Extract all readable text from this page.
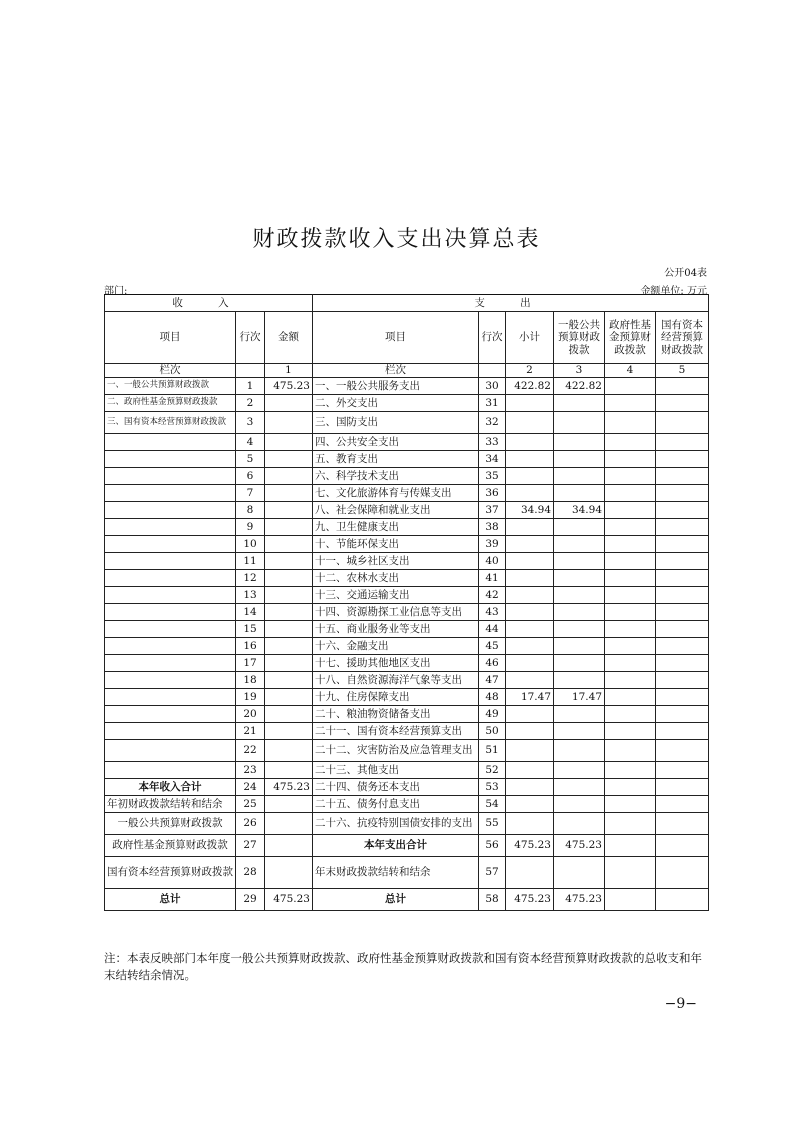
财政拨款收入支出决算总表
公开04表
部门:	金额单位: 万元
收 入			支 出					
项目	行次	金额	项目	行次	小计	一般公共预算财政拨款	政府性基金预算财政拨款	国有资本经营预算财政拨款
栏次		1	栏次		2	3	4	5
一、一般公共预算财政拨款	1	475.23	一、一般公共服务支出	30	422.82	422.82		
二、政府性基金预算财政拨款	2		二、外交支出	31				
三、国有资本经营预算财政拨款	3		三、国防支出	32				
	4		四、公共安全支出	33				
	5		五、教育支出	34				
	6		六、科学技术支出	35				
	7		七、文化旅游体育与传媒支出	36				
	8		八、社会保障和就业支出	37	34.94	34.94		
	9		九、卫生健康支出	38				
	10		十、节能环保支出	39				
	11		十一、城乡社区支出	40				
	12		十二、农林水支出	41				
	13		十三、交通运输支出	42				
	14		十四、资源勘探工业信息等支出	43				
	15		十五、商业服务业等支出	44				
	16		十六、金融支出	45				
	17		十七、援助其他地区支出	46				
	18		十八、自然资源海洋气象等支出	47				
	19		十九、住房保障支出	48	17.47	17.47		
	20		二十、粮油物资储备支出	49				
	21		二十一、国有资本经营预算支出	50				
	22		二十二、灾害防治及应急管理支出	51				
	23		二十三、其他支出	52				
本年收入合计	24	475.23	二十四、债务还本支出	53				
年初财政拨款结转和结余	25		二十五、债务付息支出	54				
一般公共预算财政拨款	26		二十六、抗疫特别国债安排的支出	55				
政府性基金预算财政拨款	27		本年支出合计	56	475.23	475.23		
国有资本经营预算财政拨款	28		年末财政拨款结转和结余	57				
总计	29	475.23	总计	58	475.23	475.23		
注：本表反映部门本年度一般公共预算财政拨款、政府性基金预算财政拨款和国有资本经营预算财政拨款的总收支和年末结转结余情况。
−9−
